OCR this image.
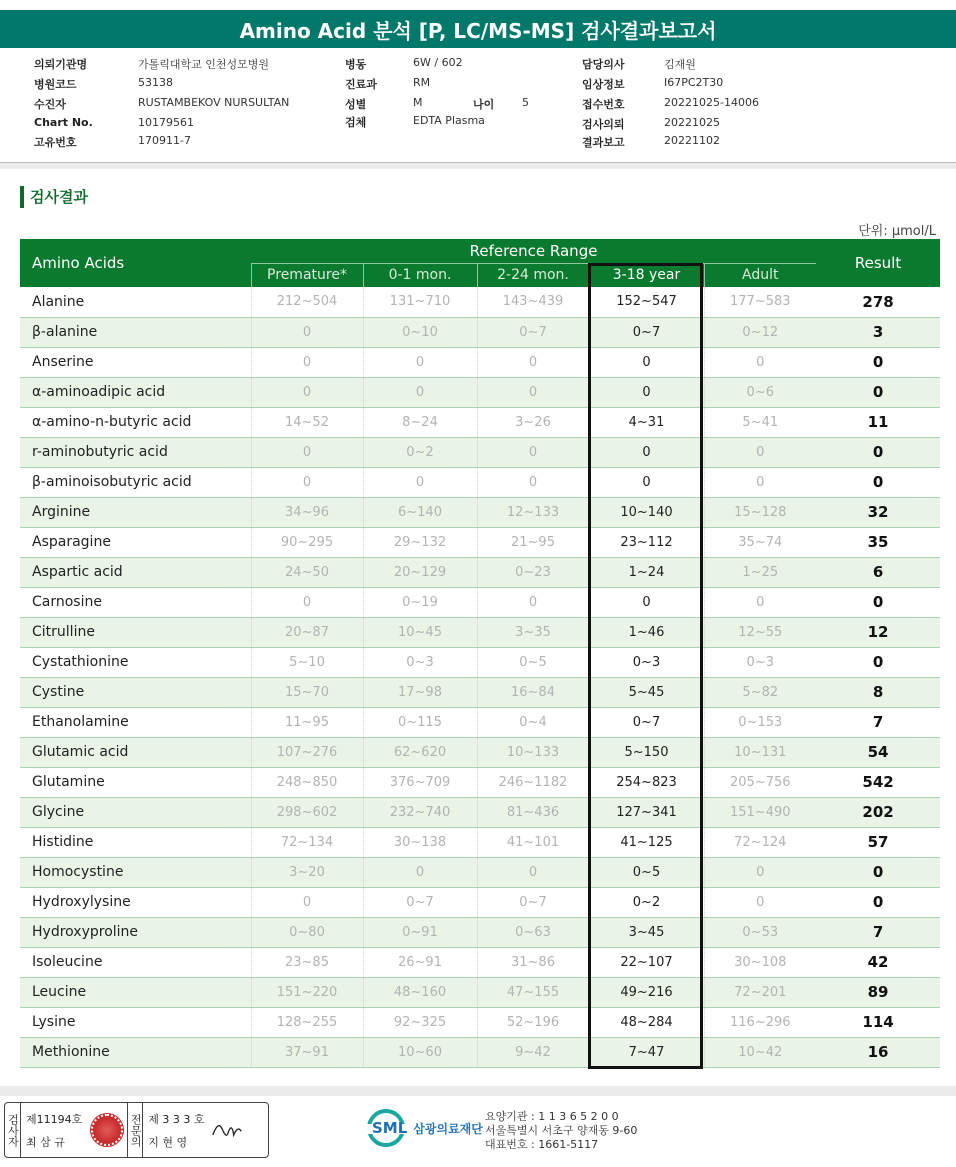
Amino Acid 분석 [P, LC/MS-MS] 검사결과보고서
의뢰기관명	가톨릭대학교 인천성모병원
병원코드	53138
수진자	RUSTAMBEKOV NURSULTAN
Chart No.	10179561
고유번호	170911-7
병동	6W / 602
진료과	RM
성별	M	나이	5
검체	EDTA Plasma
담당의사	김재원
임상정보	I67PC2T30
접수번호	20221025-14006
검사의뢰	20221025
결과보고	20221102
검사결과
단위: μmol/L
Amino Acids	Reference Range					Result
	Premature*	0-1 mon.	2-24 mon.	3-18 year	Adult	
Alanine	212~504	131~710	143~439	152~547	177~583	278
β-alanine	0	0~10	0~7	0~7	0~12	3
Anserine	0	0	0	0	0	0
α-aminoadipic acid	0	0	0	0	0~6	0
α-amino-n-butyric acid	14~52	8~24	3~26	4~31	5~41	11
r-aminobutyric acid	0	0~2	0	0	0	0
β-aminoisobutyric acid	0	0	0	0	0	0
Arginine	34~96	6~140	12~133	10~140	15~128	32
Asparagine	90~295	29~132	21~95	23~112	35~74	35
Aspartic acid	24~50	20~129	0~23	1~24	1~25	6
Carnosine	0	0~19	0	0	0	0
Citrulline	20~87	10~45	3~35	1~46	12~55	12
Cystathionine	5~10	0~3	0~5	0~3	0~3	0
Cystine	15~70	17~98	16~84	5~45	5~82	8
Ethanolamine	11~95	0~115	0~4	0~7	0~153	7
Glutamic acid	107~276	62~620	10~133	5~150	10~131	54
Glutamine	248~850	376~709	246~1182	254~823	205~756	542
Glycine	298~602	232~740	81~436	127~341	151~490	202
Histidine	72~134	30~138	41~101	41~125	72~124	57
Homocystine	3~20	0	0	0~5	0	0
Hydroxylysine	0	0~7	0~7	0~2	0	0
Hydroxyproline	0~80	0~91	0~63	3~45	0~53	7
Isoleucine	23~85	26~91	31~86	22~107	30~108	42
Leucine	151~220	48~160	47~155	49~216	72~201	89
Lysine	128~255	92~325	52~196	48~284	116~296	114
Methionine	37~91	10~60	9~42	7~47	10~42	16
검사자 제11194호
최 삼 규	전문의 제 3 3 3 호
지 현 영
SML 삼광의료재단
요양기관 : 1 1 3 6 5 2 0 0
서울특별시 서초구 양재동 9-60
대표번호 : 1661-5117
